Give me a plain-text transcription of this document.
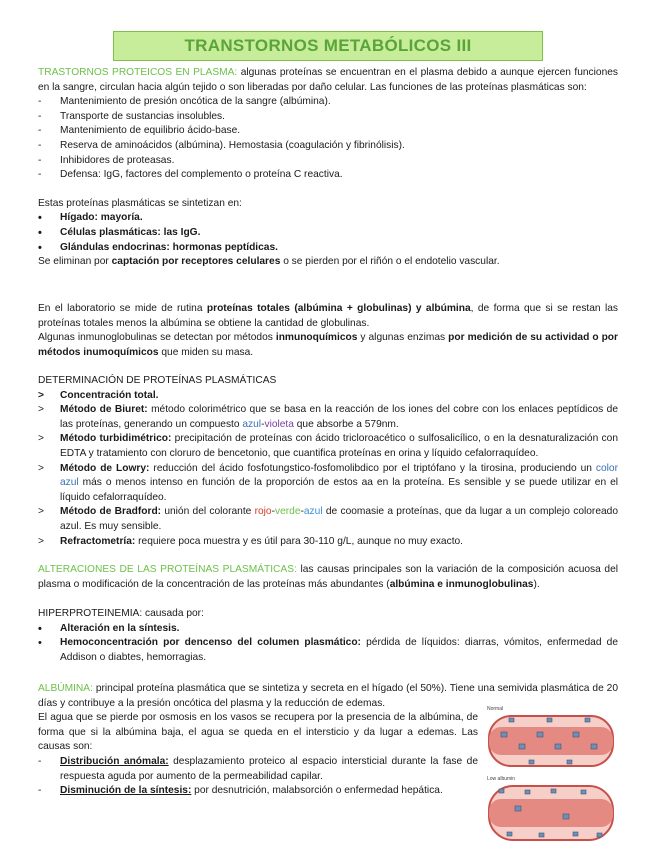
TRANSTORNOS METABÓLICOS III

TRASTORNOS PROTEICOS EN PLASMA: algunas proteínas se encuentran en el plasma debido a aunque ejercen funciones en la sangre, circulan hacia algún tejido o son liberadas por daño celular. Las funciones de las proteínas plasmáticas son:

- Mantenimiento de presión oncótica de la sangre (albúmina).
- Transporte de sustancias insolubles.
- Mantenimiento de equilibrio ácido-base.
- Reserva de aminoácidos (albúmina). Hemostasia (coagulación y fibrinólisis).
- Inhibidores de proteasas.
- Defensa: IgG, factores del complemento o proteína C reactiva.

Estas proteínas plasmáticas se sintetizan en:

• Hígado: mayoría.
• Células plasmáticas: las IgG.
• Glándulas endocrinas: hormonas peptídicas.

Se eliminan por captación por receptores celulares o se pierden por el riñón o el endotelio vascular.

En el laboratorio se mide de rutina proteínas totales (albúmina + globulinas) y albúmina, de forma que si se restan las proteínas totales menos la albúmina se obtiene la cantidad de globulinas.

Algunas inmunoglobulinas se detectan por métodos inmunoquímicos y algunas enzimas por medición de su actividad o por métodos inumoquímicos que miden su masa.

DETERMINACIÓN DE PROTEÍNAS PLASMÁTICAS

> Concentración total.
> Método de Biuret: método colorimétrico que se basa en la reacción de los iones del cobre con los enlaces peptídicos de las proteínas, generando un compuesto azul-violeta que absorbe a 579nm.
> Método turbidimétrico: precipitación de proteínas con ácido tricloroacético o sulfosalicílico, o en la desnaturalización con EDTA y tratamiento con cloruro de bencetonio, que cuantifica proteínas en orina y líquido cefalorraquídeo.
> Método de Lowry: reducción del ácido fosfotungstico-fosfomolibdico por el triptófano y la tirosina, produciendo un color azul más o menos intenso en función de la proporción de estos aa en la proteína. Es sensible y se puede utilizar en el líquido cefalorraquídeo.
> Método de Bradford: unión del colorante rojo-verde-azul de coomasie a proteínas, que da lugar a un complejo coloreado azul. Es muy sensible.
> Refractometría: requiere poca muestra y es útil para 30-110 g/L, aunque no muy exacto.

ALTERACIONES DE LAS PROTEÍNAS PLASMÁTICAS: las causas principales son la variación de la composición acuosa del plasma o modificación de la concentración de las proteínas más abundantes (albúmina e inmunoglobulinas).

HIPERPROTEINEMIA: causada por:

• Alteración en la síntesis.
• Hemoconcentración por dencenso del columen plasmático: pérdida de líquidos: diarras, vómitos, enfermedad de Addison o diabtes, hemorragias.

ALBÚMINA: principal proteína plasmática que se sintetiza y secreta en el hígado (el 50%). Tiene una semivida plasmática de 20 días y contribuye a la presión oncótica del plasma y la reducción de edemas.

El agua que se pierde por osmosis en los vasos se recupera por la presencia de la albúmina, de forma que si la albúmina baja, el agua se queda en el intersticio y da lugar a edemas. Las causas son:

- Distribución anómala: desplazamiento proteico al espacio intersticial durante la fase de respuesta aguda por aumento de la permeabilidad capilar.
- Disminución de la síntesis: por desnutrición, malabsorción o enfermedad hepática.
Normal
Low albumin
